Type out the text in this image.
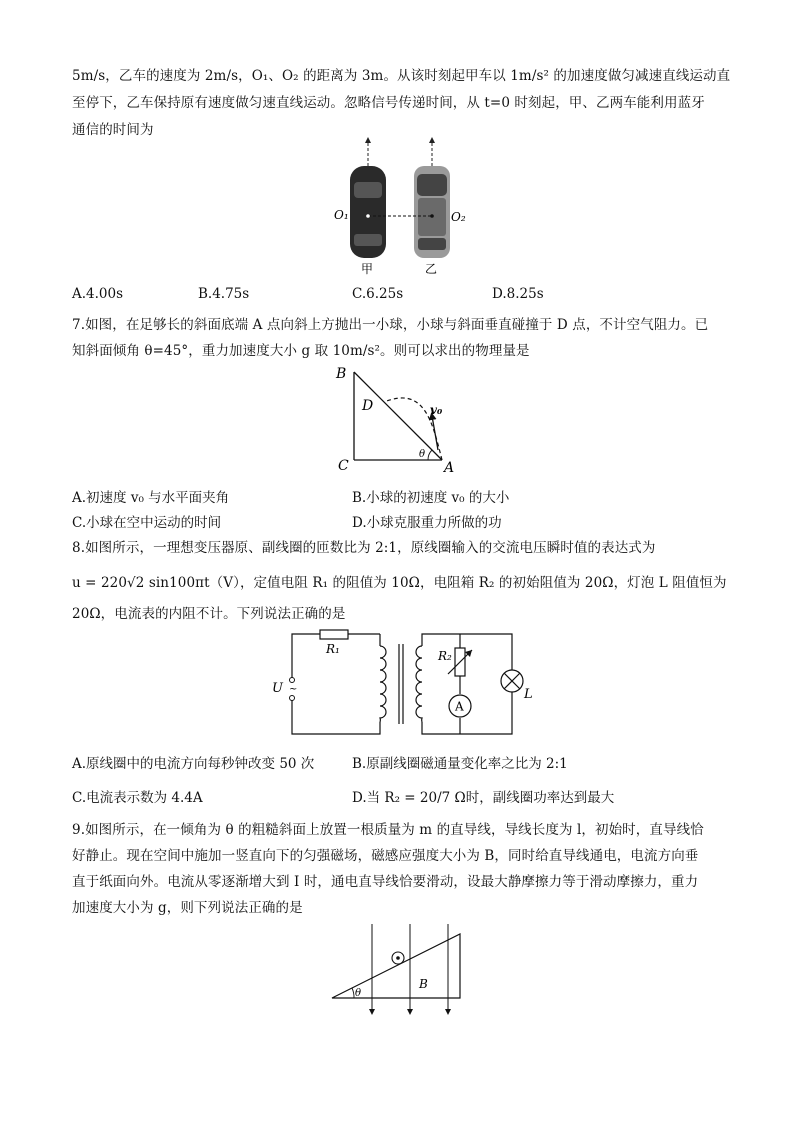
5m/s，乙车的速度为 2m/s，O₁、O₂ 的距离为 3m。从该时刻起甲车以 1m/s² 的加速度做匀减速直线运动直
至停下，乙车保持原有速度做匀速直线运动。忽略信号传递时间，从 t=0 时刻起，甲、乙两车能利用蓝牙
通信的时间为
O₁	O₂
甲	乙
A.4.00s	B.4.75s	C.6.25s	D.8.25s
7.如图，在足够长的斜面底端 A 点向斜上方抛出一小球，小球与斜面垂直碰撞于 D 点，不计空气阻力。已
知斜面倾角 θ=45°，重力加速度大小 g 取 10m/s²。则可以求出的物理量是
B
C	A
D
θ
v₀
A.初速度 v₀ 与水平面夹角	B.小球的初速度 v₀ 的大小
C.小球在空中运动的时间	D.小球克服重力所做的功
8.如图所示，一理想变压器原、副线圈的匝数比为 2:1，原线圈输入的交流电压瞬时值的表达式为
u = 220√2 sin100πt（V），定值电阻 R₁ 的阻值为 10Ω，电阻箱 R₂ 的初始阻值为 20Ω，灯泡 L 阻值恒为
20Ω，电流表的内阻不计。下列说法正确的是
~
A
U
R₁	R₂
L
A.原线圈中的电流方向每秒钟改变 50 次	B.原副线圈磁通量变化率之比为 2:1
C.电流表示数为 4.4A	D.当 R₂ = 20/7 Ω时，副线圈功率达到最大
9.如图所示，在一倾角为 θ 的粗糙斜面上放置一根质量为 m 的直导线，导线长度为 l，初始时，直导线恰
好静止。现在空间中施加一竖直向下的匀强磁场，磁感应强度大小为 B，同时给直导线通电，电流方向垂
直于纸面向外。电流从零逐渐增大到 I 时，通电直导线恰要滑动，设最大静摩擦力等于滑动摩擦力，重力
加速度大小为 g，则下列说法正确的是
θ
B
